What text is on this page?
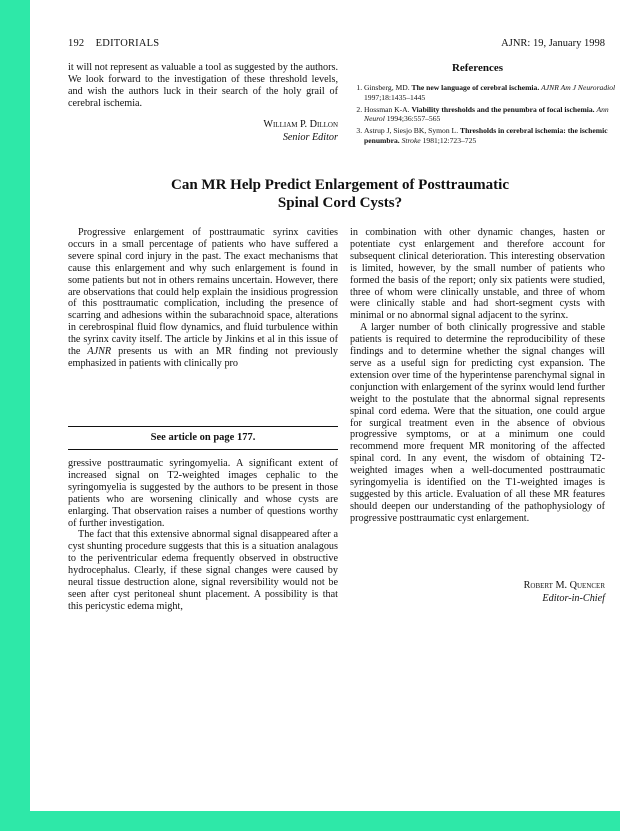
192 EDITORIALS	AJNR: 19, January 1998

it will not represent as valuable a tool as suggested by the authors. We look forward to the investigation of these threshold levels, and wish the authors luck in their search of the holy grail of cerebral ischemia.

William P. Dillon
Senior Editor
References
1. Ginsberg, MD. The new language of cerebral ischemia. AJNR Am J Neuroradiol 1997;18:1435–1445
2. Hossman K-A. Viability thresholds and the penumbra of focal ischemia. Ann Neurol 1994;36:557–565
3. Astrup J, Siesjo BK, Symon L. Thresholds in cerebral ischemia: the ischemic penumbra. Stroke 1981;12:723–725
Can MR Help Predict Enlargement of Posttraumatic
Spinal Cord Cysts?

Progressive enlargement of posttraumatic syrinx cavities occurs in a small percentage of patients who have suffered a severe spinal cord injury in the past. The exact mechanisms that cause this enlargement and why such enlargement is found in some patients but not in others remains uncertain. However, there are observations that could help explain the insidious progression of this posttraumatic complication, including the presence of scarring and adhesions within the subarachnoid space, alterations in cerebrospinal fluid flow dynamics, and fluid turbulence within the syrinx cavity itself. The article by Jinkins et al in this issue of the AJNR presents us with an MR finding not previously emphasized in patients with clinically pro

See article on page 177.

gressive posttraumatic syringomyelia. A significant extent of increased signal on T2-weighted images cephalic to the syringomyelia is suggested by the authors to be present in those patients who are worsening clinically and whose cysts are enlarging. That observation raises a number of questions worthy of further investigation.

The fact that this extensive abnormal signal disappeared after a cyst shunting procedure suggests that this is a situation analagous to the periventricular edema frequently observed in obstructive hydrocephalus. Clearly, if these signal changes were caused by neural tissue destruction alone, signal reversibility would not be seen after cyst peritoneal shunt placement. A possibility is that this pericystic edema might,

in combination with other dynamic changes, hasten or potentiate cyst enlargement and therefore account for subsequent clinical deterioration. This interesting observation is limited, however, by the small number of patients who formed the basis of the report; only six patients were studied, three of whom were clinically unstable, and three of whom were clinically stable and had short-segment cysts with minimal or no abnormal signal adjacent to the syrinx.

A larger number of both clinically progressive and stable patients is required to determine the reproducibility of these findings and to determine whether the signal changes will serve as a useful sign for predicting cyst expansion. The extension over time of the hyperintense parenchymal signal in conjunction with enlargement of the syrinx would lend further weight to the postulate that the abnormal signal represents spinal cord edema. Were that the situation, one could argue for surgical treatment even in the absence of obvious progressive symptoms, or at a minimum one could recommend more frequent MR monitoring of the affected spinal cord. In any event, the wisdom of obtaining T2-weighted images when a well-documented posttraumatic syringomyelia is identified on the T1-weighted images is suggested by this article. Evaluation of all these MR features should deepen our understanding of the pathophysiology of progressive posttraumatic cyst enlargement.

Robert M. Quencer
Editor-in-Chief
